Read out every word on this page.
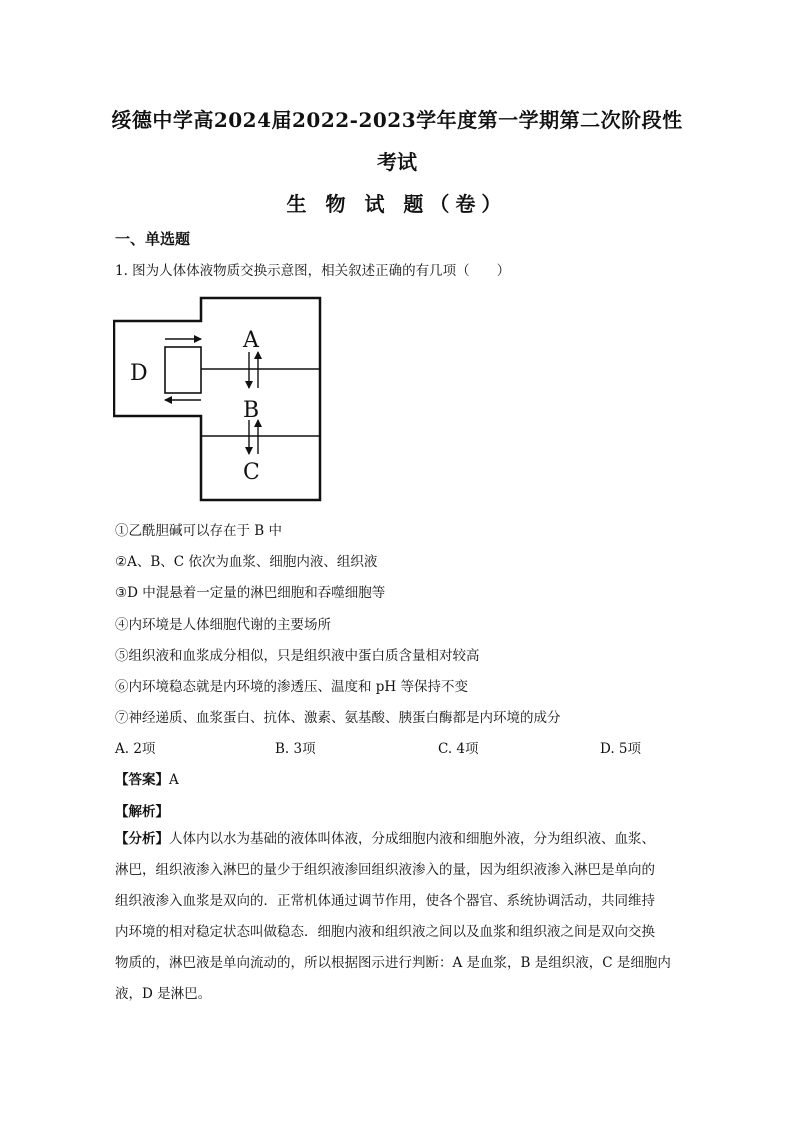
绥德中学高2024届2022-2023学年度第一学期第二次阶段性
考试
生 物 试 题（卷）
一、单选题
1. 图为人体体液物质交换示意图，相关叙述正确的有几项（　　）
A
B
C
D
①乙酰胆碱可以存在于 B 中
②A、B、C 依次为血浆、细胞内液、组织液
③D 中混悬着一定量的淋巴细胞和吞噬细胞等
④内环境是人体细胞代谢的主要场所
⑤组织液和血浆成分相似，只是组织液中蛋白质含量相对较高
⑥内环境稳态就是内环境的渗透压、温度和 pH 等保持不变
⑦神经递质、血浆蛋白、抗体、激素、氨基酸、胰蛋白酶都是内环境的成分
A. 2项	B. 3项	C. 4项	D. 5项
【答案】A
【解析】
【分析】人体内以水为基础的液体叫体液，分成细胞内液和细胞外液，分为组织液、血浆、
淋巴，组织液渗入淋巴的量少于组织液渗回组织液渗入的量，因为组织液渗入淋巴是单向的
组织液渗入血浆是双向的．正常机体通过调节作用，使各个器官、系统协调活动，共同维持
内环境的相对稳定状态叫做稳态．细胞内液和组织液之间以及血浆和组织液之间是双向交换
物质的，淋巴液是单向流动的，所以根据图示进行判断：A 是血浆，B 是组织液，C 是细胞内
液，D 是淋巴。
